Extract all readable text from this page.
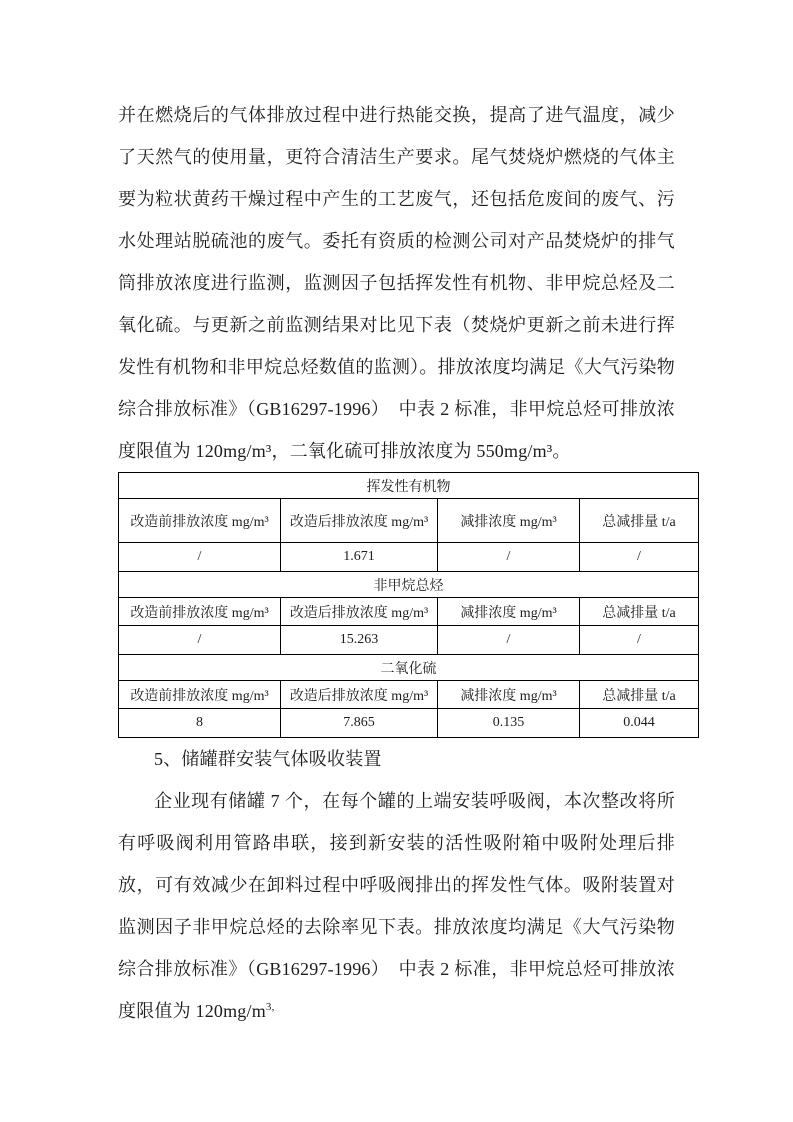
并在燃烧后的气体排放过程中进行热能交换，提高了进气温度，减少了天然气的使用量，更符合清洁生产要求。尾气焚烧炉燃烧的气体主要为粒状黄药干燥过程中产生的工艺废气，还包括危废间的废气、污水处理站脱硫池的废气。委托有资质的检测公司对产品焚烧炉的排气筒排放浓度进行监测，监测因子包括挥发性有机物、非甲烷总烃及二氧化硫。与更新之前监测结果对比见下表（焚烧炉更新之前未进行挥发性有机物和非甲烷总烃数值的监测）。排放浓度均满足《大气污染物综合排放标准》（GB16297-1996）　中表 2 标准，非甲烷总烃可排放浓度限值为 120mg/m³，二氧化硫可排放浓度为 550mg/m³。

挥发性有机物			
改造前排放浓度 mg/m³	改造后排放浓度 mg/m³	减排浓度 mg/m³	总减排量 t/a
/	1.671	/	/
非甲烷总烃			
改造前排放浓度 mg/m³	改造后排放浓度 mg/m³	减排浓度 mg/m³	总减排量 t/a
/	15.263	/	/
二氧化硫			
改造前排放浓度 mg/m³	改造后排放浓度 mg/m³	减排浓度 mg/m³	总减排量 t/a
8	7.865	0.135	0.044

5、储罐群安装气体吸收装置

企业现有储罐 7 个，在每个罐的上端安装呼吸阀，本次整改将所有呼吸阀利用管路串联，接到新安装的活性吸附箱中吸附处理后排放，可有效减少在卸料过程中呼吸阀排出的挥发性气体。吸附装置对监测因子非甲烷总烃的去除率见下表。排放浓度均满足《大气污染物综合排放标准》（GB16297-1996）　中表 2 标准，非甲烷总烃可排放浓度限值为 $120mg/m^{3,}$
